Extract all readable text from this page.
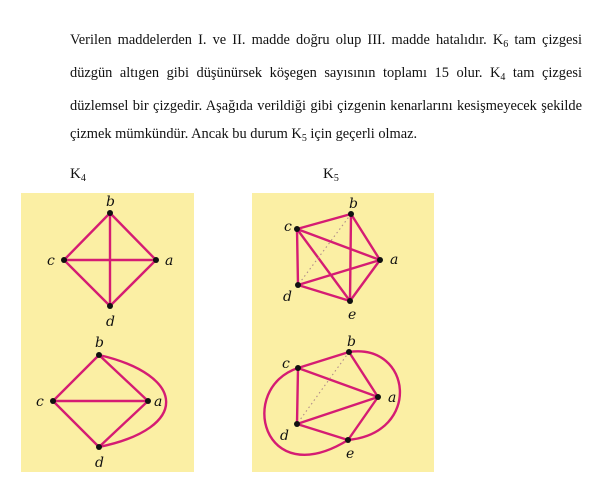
Verilen maddelerden I. ve II. madde doğru olup III. madde hatalıdır. $K_6$ tam çizgesi düzgün altıgen gibi düşünürsek köşegen sayısının toplamı 15 olur. $K_4$ tam çizgesi düzlemsel bir çizgedir. Aşağıda verildiği gibi çizgenin kenarlarını kesişmeyecek şekilde çizmek mümkündür. Ancak bu durum $K_5$ için geçerli olmaz.

$K_4$	$K_5$
b
a
c
d
b
a
c
d
b
a
e
d
c
b
a
e
d
c
